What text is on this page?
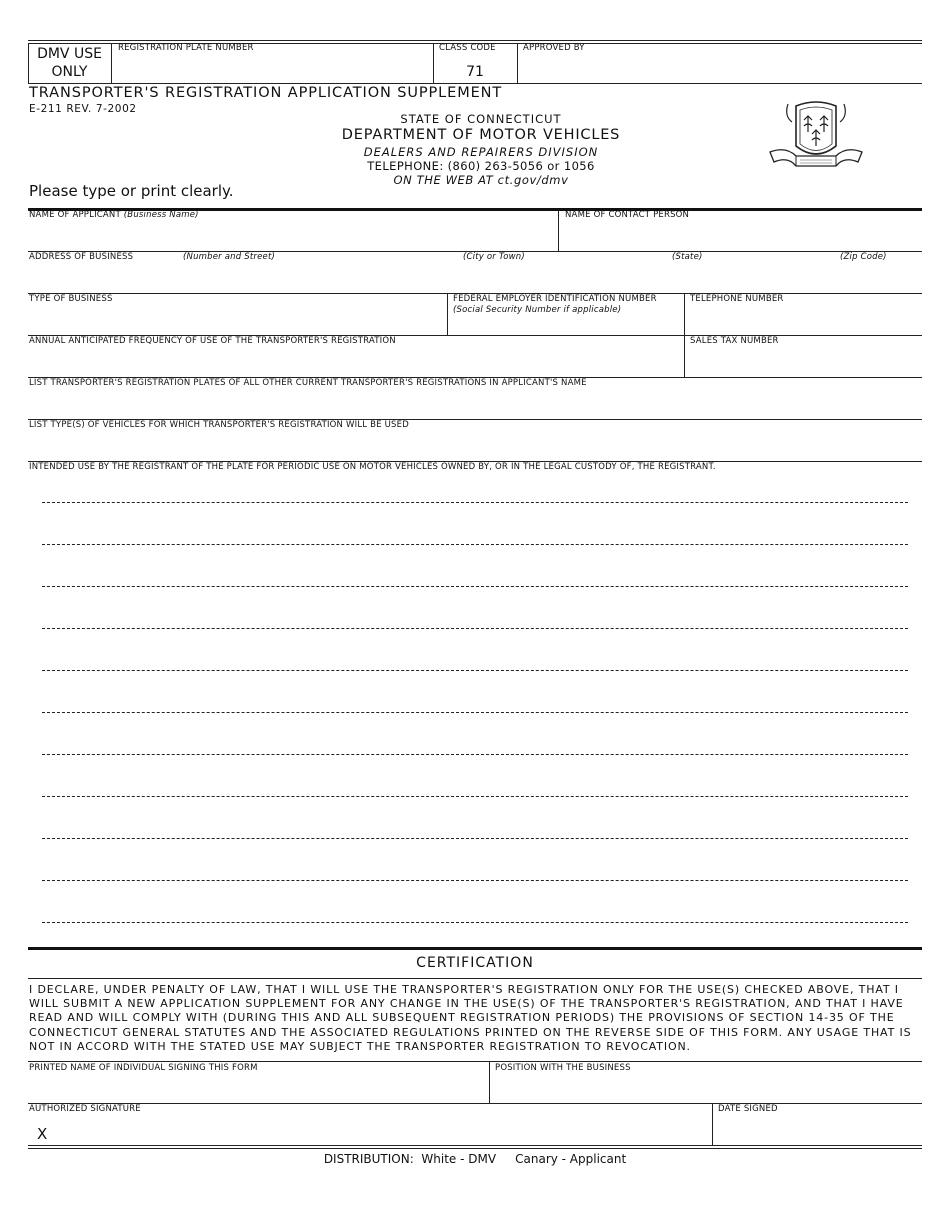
DMV USE
ONLY
REGISTRATION PLATE NUMBER	CLASS CODE
71
APPROVED BY
TRANSPORTER'S REGISTRATION APPLICATION SUPPLEMENT
E-211 REV. 7-2002
STATE OF CONNECTICUT
DEPARTMENT OF MOTOR VEHICLES
DEALERS AND REPAIRERS DIVISION
TELEPHONE: (860) 263-5056 or 1056
ON THE WEB AT ct.gov/dmv
Please type or print clearly.
NAME OF APPLICANT (Business Name)	NAME OF CONTACT PERSON
ADDRESS OF BUSINESS	(Number and Street)	(City or Town)	(State)	(Zip Code)
TYPE OF BUSINESS	FEDERAL EMPLOYER IDENTIFICATION NUMBER
(Social Security Number if applicable)
TELEPHONE NUMBER
ANNUAL ANTICIPATED FREQUENCY OF USE OF THE TRANSPORTER'S REGISTRATION	SALES TAX NUMBER
LIST TRANSPORTER'S REGISTRATION PLATES OF ALL OTHER CURRENT TRANSPORTER'S REGISTRATIONS IN APPLICANT'S NAME
LIST TYPE(S) OF VEHICLES FOR WHICH TRANSPORTER'S REGISTRATION WILL BE USED
INTENDED USE BY THE REGISTRANT OF THE PLATE FOR PERIODIC USE ON MOTOR VEHICLES OWNED BY, OR IN THE LEGAL CUSTODY OF, THE REGISTRANT.
CERTIFICATION
I DECLARE, UNDER PENALTY OF LAW, THAT I WILL USE THE TRANSPORTER'S REGISTRATION ONLY FOR THE USE(S) CHECKED ABOVE, THAT I
WILL SUBMIT A NEW APPLICATION SUPPLEMENT FOR ANY CHANGE IN THE USE(S) OF THE TRANSPORTER'S REGISTRATION, AND THAT I HAVE
READ AND WILL COMPLY WITH (DURING THIS AND ALL SUBSEQUENT REGISTRATION PERIODS) THE PROVISIONS OF SECTION 14-35 OF THE
CONNECTICUT GENERAL STATUTES AND THE ASSOCIATED REGULATIONS PRINTED ON THE REVERSE SIDE OF THIS FORM. ANY USAGE THAT IS
NOT IN ACCORD WITH THE STATED USE MAY SUBJECT THE TRANSPORTER REGISTRATION TO REVOCATION.
PRINTED NAME OF INDIVIDUAL SIGNING THIS FORM	POSITION WITH THE BUSINESS
AUTHORIZED SIGNATURE
X
DATE SIGNED
DISTRIBUTION:  White - DMV     Canary - Applicant
